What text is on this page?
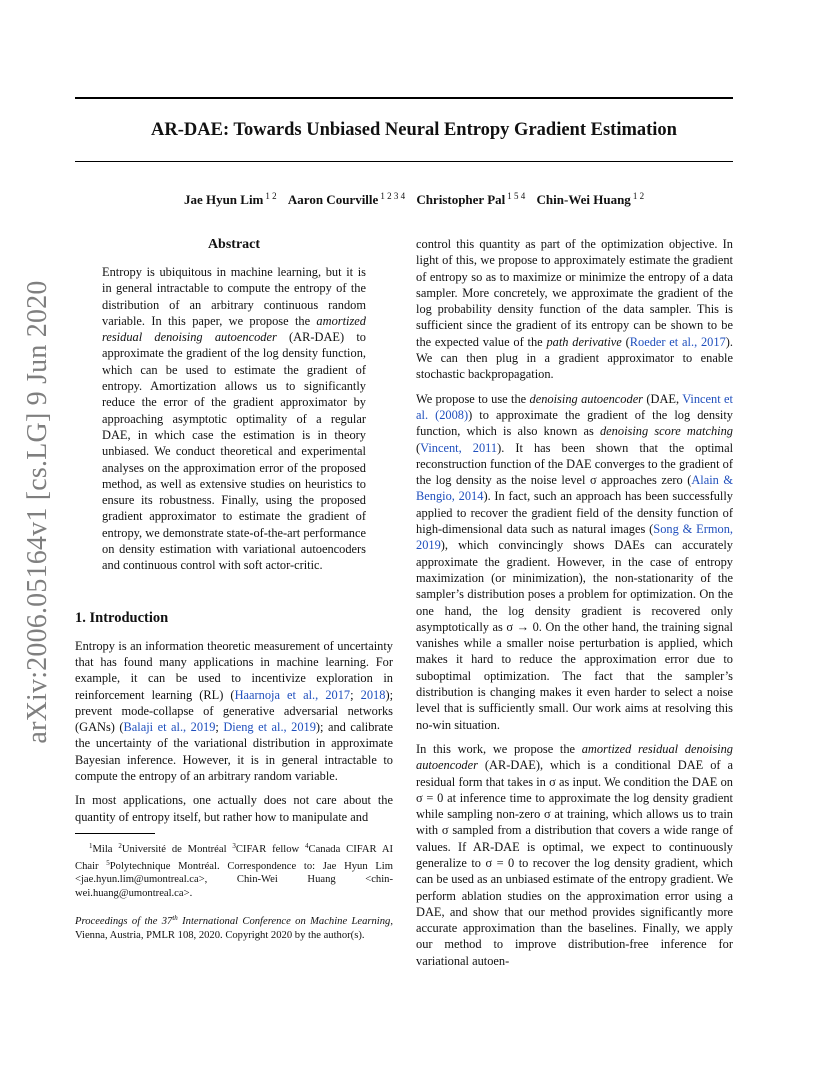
AR-DAE: Towards Unbiased Neural Entropy Gradient Estimation
Jae Hyun Lim $^{1 2}$ Aaron Courville $^{1 2 3 4}$ Christopher Pal $^{1 5 4}$ Chin-Wei Huang $^{1 2}$
arXiv:2006.05164v1 [cs.LG] 9 Jun 2020
Abstract
Entropy is ubiquitous in machine learning, but it is in general intractable to compute the entropy of the distribution of an arbitrary continuous random variable. In this paper, we propose the amortized residual denoising autoencoder (AR-DAE) to approximate the gradient of the log density function, which can be used to estimate the gradient of entropy. Amortization allows us to significantly reduce the error of the gradient approximator by approaching asymptotic optimality of a regular DAE, in which case the estimation is in theory unbiased. We conduct theoretical and experimental analyses on the approximation error of the proposed method, as well as extensive studies on heuristics to ensure its robustness. Finally, using the proposed gradient approximator to estimate the gradient of entropy, we demonstrate state-of-the-art performance on density estimation with variational autoencoders and continuous control with soft actor-critic.
1. Introduction

Entropy is an information theoretic measurement of uncertainty that has found many applications in machine learning. For example, it can be used to incentivize exploration in reinforcement learning (RL) (Haarnoja et al., 2017; 2018); prevent mode-collapse of generative adversarial networks (GANs) (Balaji et al., 2019; Dieng et al., 2019); and calibrate the uncertainty of the variational distribution in approximate Bayesian inference. However, it is in general intractable to compute the entropy of an arbitrary random variable.

In most applications, one actually does not care about the quantity of entropy itself, but rather how to manipulate and

$^1$Mila $^2$Université de Montréal $^3$CIFAR fellow $^4$Canada CIFAR AI Chair $^5$Polytechnique Montréal. Correspondence to: Jae Hyun Lim <jae.hyun.lim@umontreal.ca>, Chin-Wei Huang <chin-wei.huang@umontreal.ca>.

Proceedings of the 37th International Conference on Machine Learning, Vienna, Austria, PMLR 108, 2020. Copyright 2020 by the author(s).

control this quantity as part of the optimization objective. In light of this, we propose to approximately estimate the gradient of entropy so as to maximize or minimize the entropy of a data sampler. More concretely, we approximate the gradient of the log probability density function of the data sampler. This is sufficient since the gradient of its entropy can be shown to be the expected value of the path derivative (Roeder et al., 2017). We can then plug in a gradient approximator to enable stochastic backpropagation.

We propose to use the denoising autoencoder (DAE, Vincent et al. (2008)) to approximate the gradient of the log density function, which is also known as denoising score matching (Vincent, 2011). It has been shown that the optimal reconstruction function of the DAE converges to the gradient of the log density as the noise level σ approaches zero (Alain & Bengio, 2014). In fact, such an approach has been successfully applied to recover the gradient field of the density function of high-dimensional data such as natural images (Song & Ermon, 2019), which convincingly shows DAEs can accurately approximate the gradient. However, in the case of entropy maximization (or minimization), the non-stationarity of the sampler’s distribution poses a problem for optimization. On the one hand, the log density gradient is recovered only asymptotically as σ → 0. On the other hand, the training signal vanishes while a smaller noise perturbation is applied, which makes it hard to reduce the approximation error due to suboptimal optimization. The fact that the sampler’s distribution is changing makes it even harder to select a noise level that is sufficiently small. Our work aims at resolving this no-win situation.

In this work, we propose the amortized residual denoising autoencoder (AR-DAE), which is a conditional DAE of a residual form that takes in σ as input. We condition the DAE on σ = 0 at inference time to approximate the log density gradient while sampling non-zero σ at training, which allows us to train with σ sampled from a distribution that covers a wide range of values. If AR-DAE is optimal, we expect to continuously generalize to σ = 0 to recover the log density gradient, which can be used as an unbiased estimate of the entropy gradient. We perform ablation studies on the approximation error using a DAE, and show that our method provides significantly more accurate approximation than the baselines. Finally, we apply our method to improve distribution-free inference for variational autoen-
